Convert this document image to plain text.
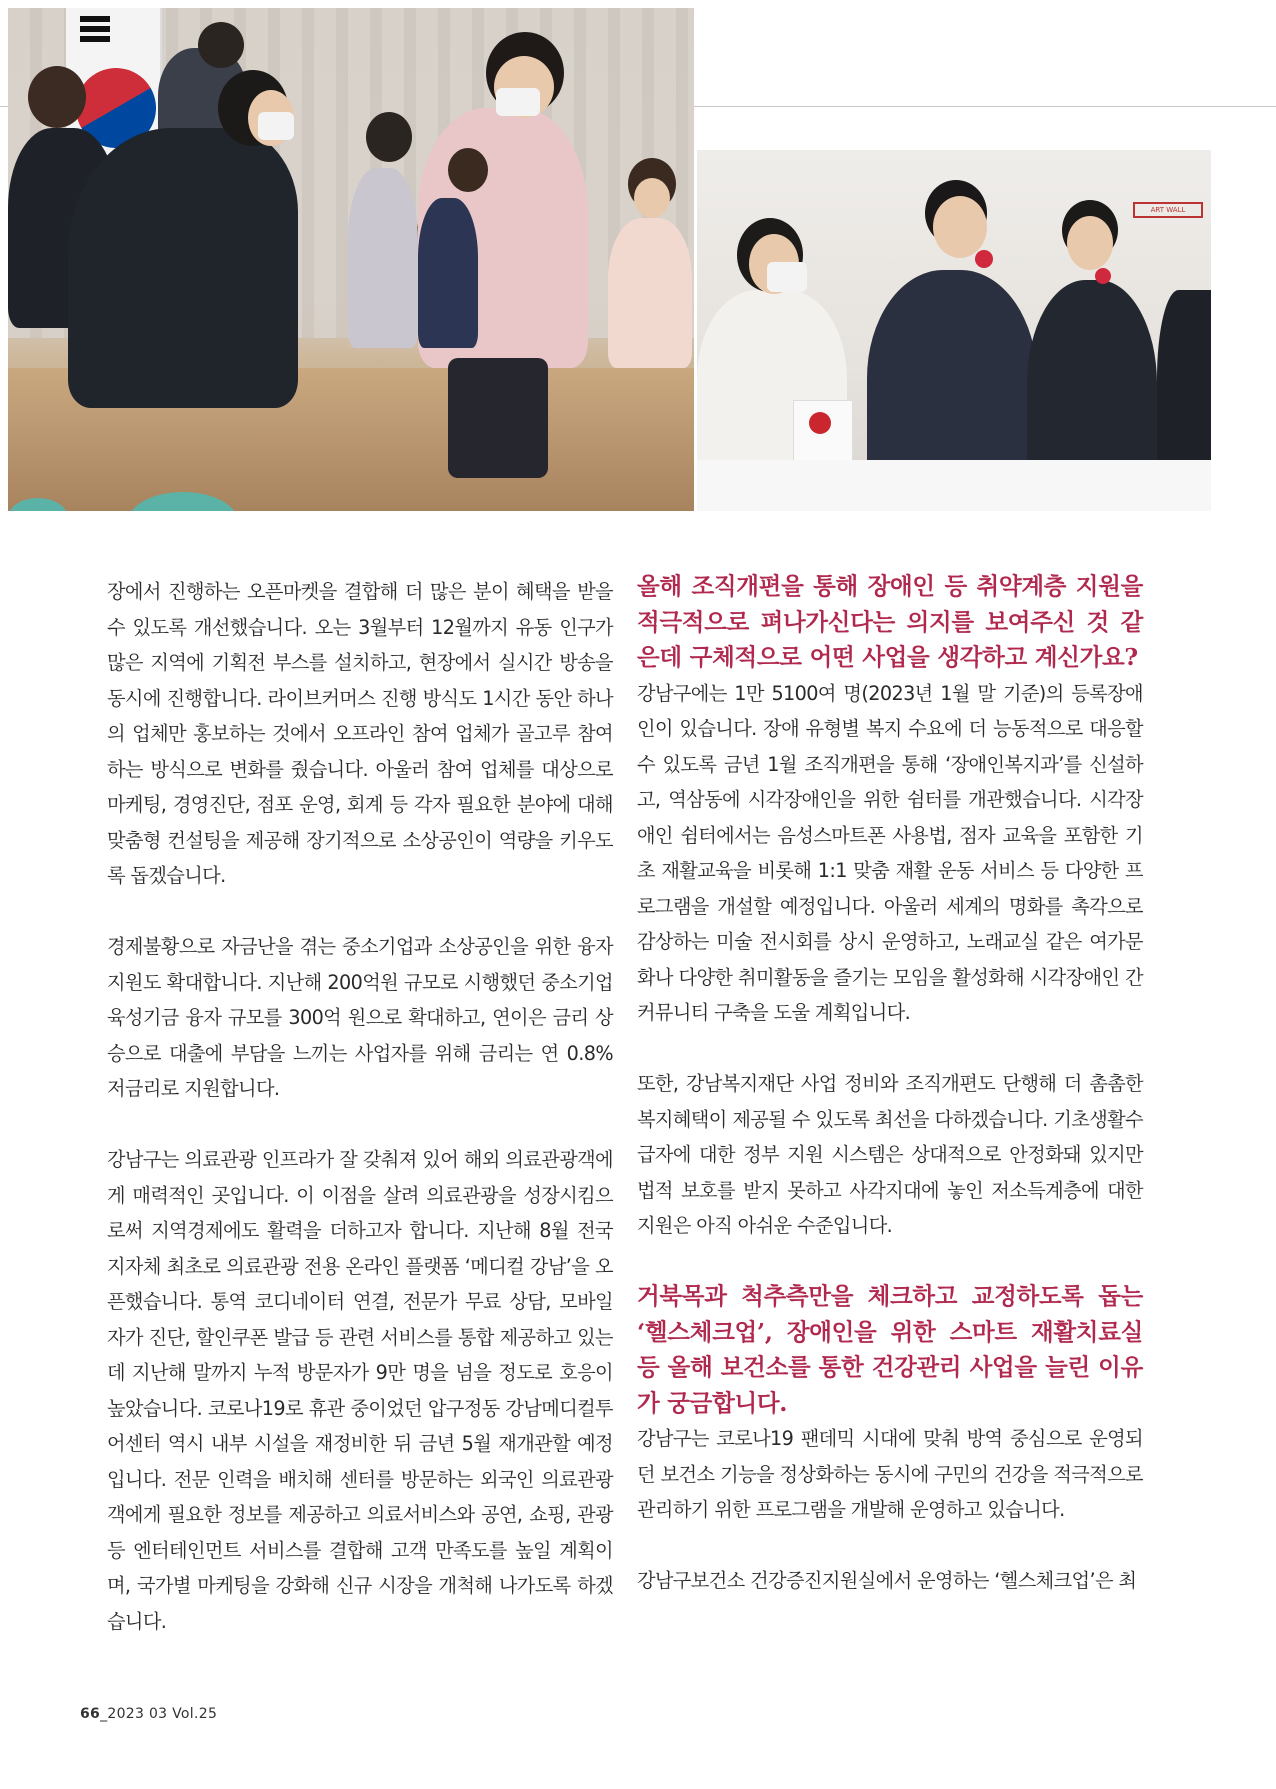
ART WALL

장에서 진행하는 오픈마켓을 결합해 더 많은 분이 혜택을 받을 수 있도록 개선했습니다. 오는 3월부터 12월까지 유동 인구가 많은 지역에 기획전 부스를 설치하고, 현장에서 실시간 방송을 동시에 진행합니다. 라이브커머스 진행 방식도 1시간 동안 하나의 업체만 홍보하는 것에서 오프라인 참여 업체가 골고루 참여하는 방식으로 변화를 줬습니다. 아울러 참여 업체를 대상으로 마케팅, 경영진단, 점포 운영, 회계 등 각자 필요한 분야에 대해 맞춤형 컨설팅을 제공해 장기적으로 소상공인이 역량을 키우도록 돕겠습니다.

경제불황으로 자금난을 겪는 중소기업과 소상공인을 위한 융자 지원도 확대합니다. 지난해 200억원 규모로 시행했던 중소기업육성기금 융자 규모를 300억 원으로 확대하고, 연이은 금리 상승으로 대출에 부담을 느끼는 사업자를 위해 금리는 연 0.8% 저금리로 지원합니다.

강남구는 의료관광 인프라가 잘 갖춰져 있어 해외 의료관광객에게 매력적인 곳입니다. 이 이점을 살려 의료관광을 성장시킴으로써 지역경제에도 활력을 더하고자 합니다. 지난해 8월 전국 지자체 최초로 의료관광 전용 온라인 플랫폼 ‘메디컬 강남’을 오픈했습니다. 통역 코디네이터 연결, 전문가 무료 상담, 모바일 자가 진단, 할인쿠폰 발급 등 관련 서비스를 통합 제공하고 있는데 지난해 말까지 누적 방문자가 9만 명을 넘을 정도로 호응이 높았습니다. 코로나19로 휴관 중이었던 압구정동 강남메디컬투어센터 역시 내부 시설을 재정비한 뒤 금년 5월 재개관할 예정입니다. 전문 인력을 배치해 센터를 방문하는 외국인 의료관광객에게 필요한 정보를 제공하고 의료서비스와 공연, 쇼핑, 관광 등 엔터테인먼트 서비스를 결합해 고객 만족도를 높일 계획이며, 국가별 마케팅을 강화해 신규 시장을 개척해 나가도록 하겠습니다.

올해 조직개편을 통해 장애인 등 취약계층 지원을 적극적으로 펴나가신다는 의지를 보여주신 것 같은데 구체적으로 어떤 사업을 생각하고 계신가요?

강남구에는 1만 5100여 명(2023년 1월 말 기준)의 등록장애인이 있습니다. 장애 유형별 복지 수요에 더 능동적으로 대응할 수 있도록 금년 1월 조직개편을 통해 ‘장애인복지과’를 신설하고, 역삼동에 시각장애인을 위한 쉼터를 개관했습니다. 시각장애인 쉼터에서는 음성스마트폰 사용법, 점자 교육을 포함한 기초 재활교육을 비롯해 1:1 맞춤 재활 운동 서비스 등 다양한 프로그램을 개설할 예정입니다. 아울러 세계의 명화를 촉각으로 감상하는 미술 전시회를 상시 운영하고, 노래교실 같은 여가문화나 다양한 취미활동을 즐기는 모임을 활성화해 시각장애인 간 커뮤니티 구축을 도울 계획입니다.

또한, 강남복지재단 사업 정비와 조직개편도 단행해 더 촘촘한 복지혜택이 제공될 수 있도록 최선을 다하겠습니다. 기초생활수급자에 대한 정부 지원 시스템은 상대적으로 안정화돼 있지만 법적 보호를 받지 못하고 사각지대에 놓인 저소득계층에 대한 지원은 아직 아쉬운 수준입니다.

거북목과 척추측만을 체크하고 교정하도록 돕는 ‘헬스체크업’, 장애인을 위한 스마트 재활치료실 등 올해 보건소를 통한 건강관리 사업을 늘린 이유가 궁금합니다.

강남구는 코로나19 팬데믹 시대에 맞춰 방역 중심으로 운영되던 보건소 기능을 정상화하는 동시에 구민의 건강을 적극적으로 관리하기 위한 프로그램을 개발해 운영하고 있습니다.

강남구보건소 건강증진지원실에서 운영하는 ‘헬스체크업’은 최

66_2023 03 Vol.25
